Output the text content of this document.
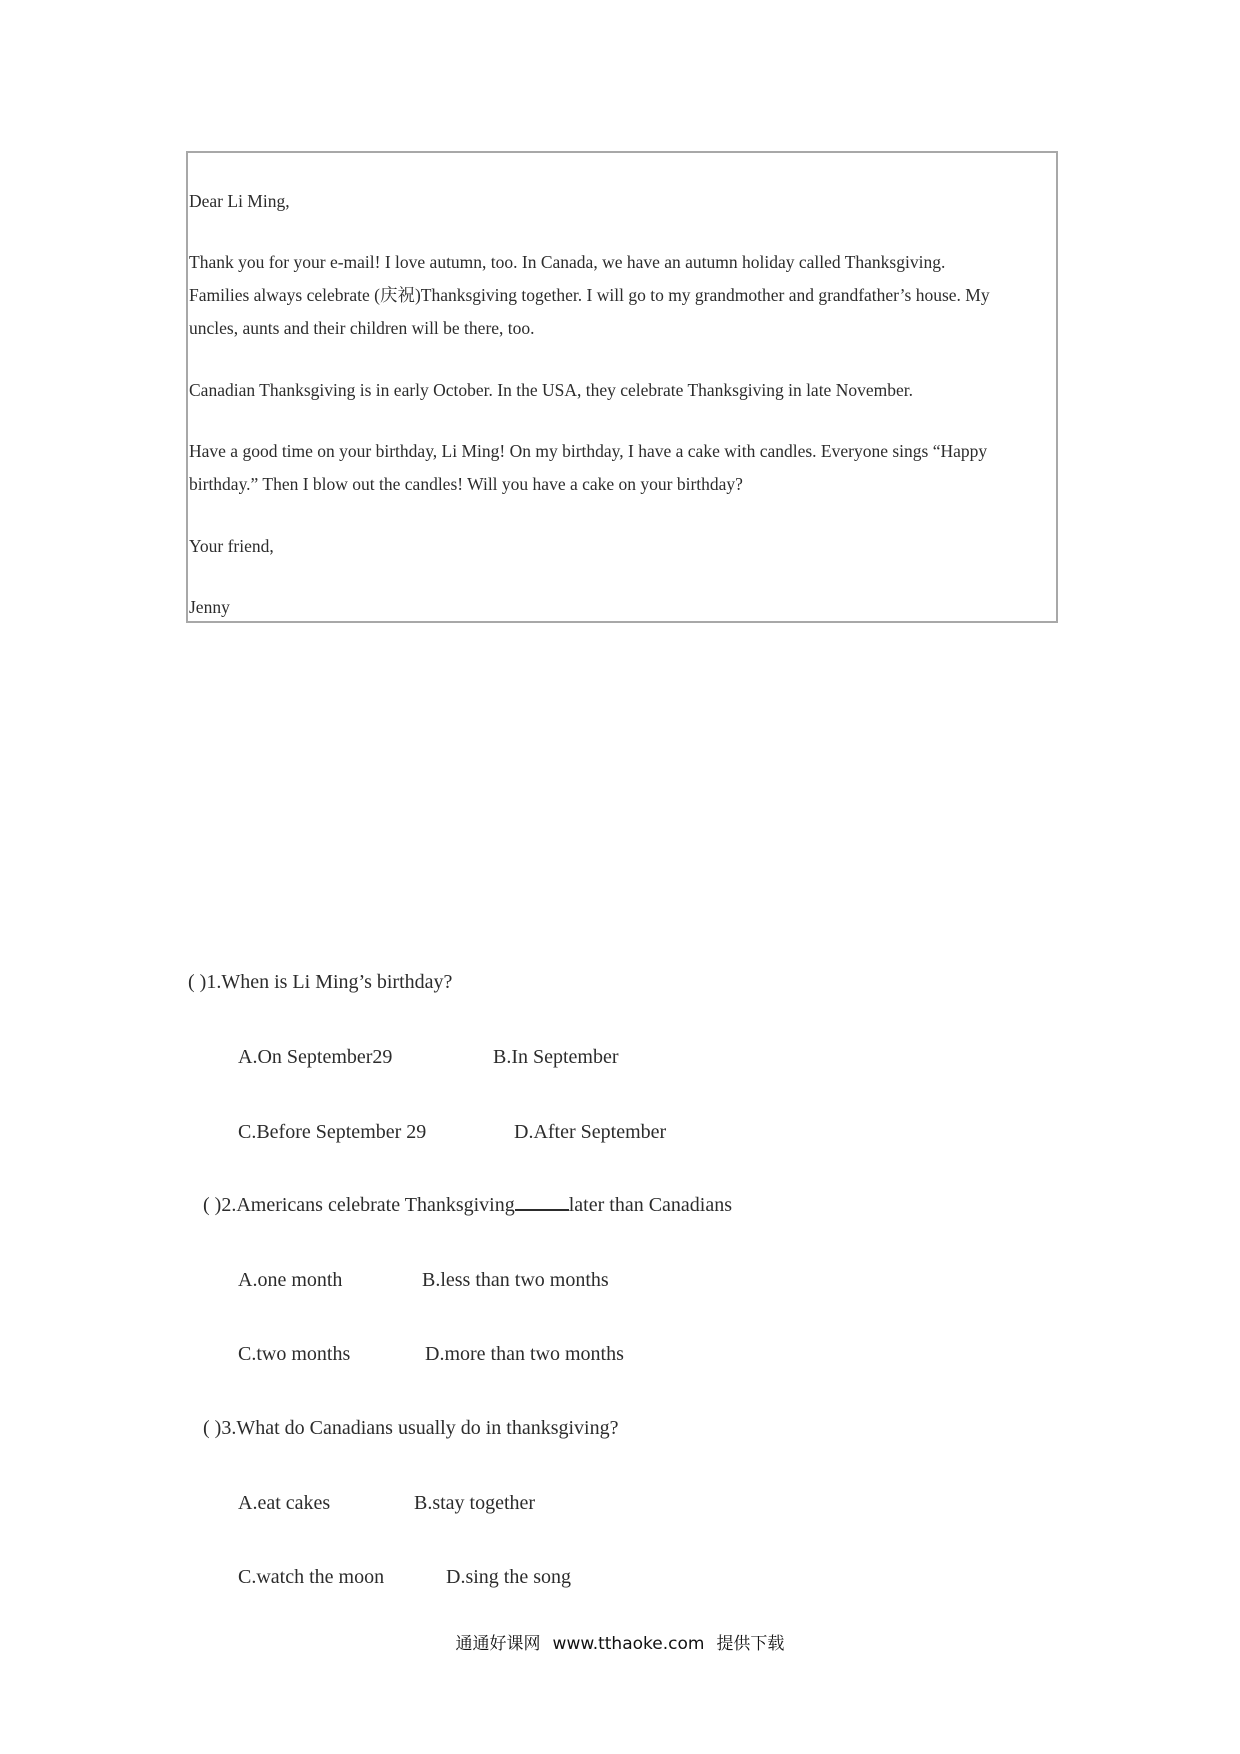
Dear Li Ming,
Thank you for your e-mail! I love autumn, too. In Canada, we have an autumn holiday called Thanksgiving.
Families always celebrate (庆祝)Thanksgiving together. I will go to my grandmother and grandfather’s house. My
uncles, aunts and their children will be there, too.
Canadian Thanksgiving is in early October. In the USA, they celebrate Thanksgiving in late November.
Have a good time on your birthday, Li Ming! On my birthday, I have a cake with candles. Everyone sings “Happy
birthday.” Then I blow out the candles! Will you have a cake on your birthday?
Your friend,
Jenny
( )1.When is Li Ming’s birthday?
A.On September29	B.In September
C.Before September 29	D.After September
( )2.Americans celebrate Thanksgiving	later than Canadians
A.one month	B.less than two months
C.two months	D.more than two months
( )3.What do Canadians usually do in thanksgiving?
A.eat cakes	B.stay together
C.watch the moon	D.sing the song
通通好课网 www.tthaoke.com 提供下载
